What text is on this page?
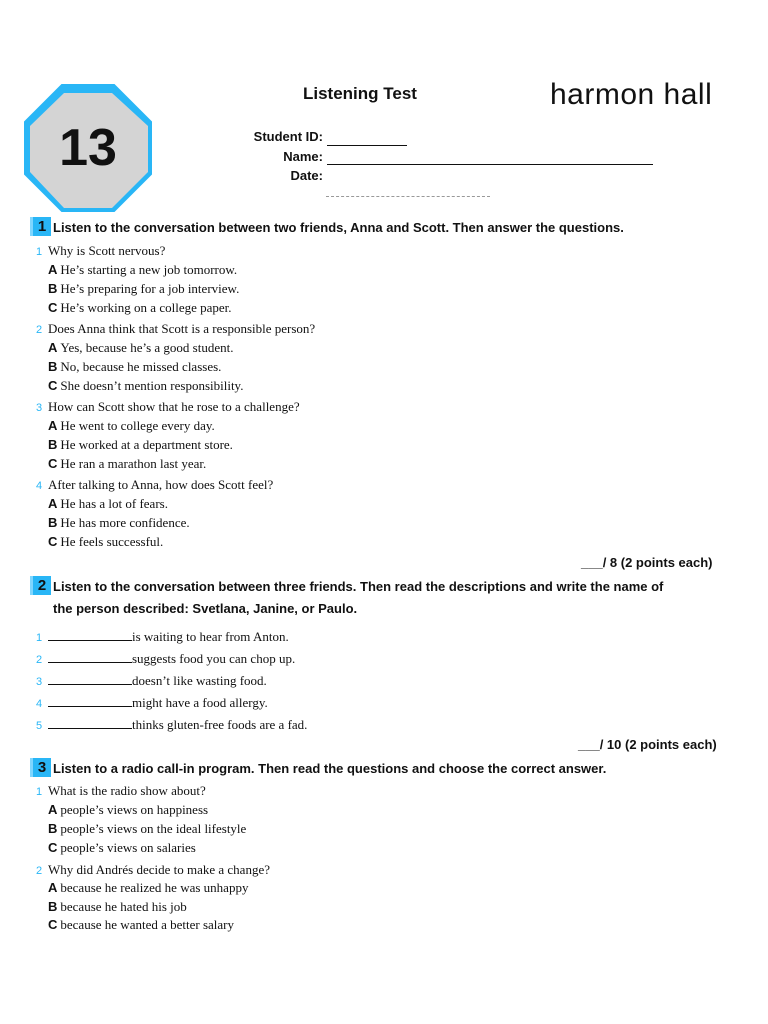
13
Listening Test	harmon hall
Student ID:
Name:
Date:
1 Listen to the conversation between two friends, Anna and Scott. Then answer the questions.
1 Why is Scott nervous?
A He’s starting a new job tomorrow.
B He’s preparing for a job interview.
C He’s working on a college paper.
2 Does Anna think that Scott is a responsible person?
A Yes, because he’s a good student.
B No, because he missed classes.
C She doesn’t mention responsibility.
3 How can Scott show that he rose to a challenge?
A He went to college every day.
B He worked at a department store.
C He ran a marathon last year.
4 After talking to Anna, how does Scott feel?
A He has a lot of fears.
B He has more confidence.
C He feels successful.
___/ 8 (2 points each)
2 Listen to the conversation between three friends. Then read the descriptions and write the name of
the person described: Svetlana, Janine, or Paulo.
1	is waiting to hear from Anton.
2	suggests food you can chop up.
3	doesn’t like wasting food.
4	might have a food allergy.
5	thinks gluten-free foods are a fad.
___/ 10 (2 points each)
3 Listen to a radio call-in program. Then read the questions and choose the correct answer.
1 What is the radio show about?
A people’s views on happiness
B people’s views on the ideal lifestyle
C people’s views on salaries
2 Why did Andrés decide to make a change?
A because he realized he was unhappy
B because he hated his job
C because he wanted a better salary
